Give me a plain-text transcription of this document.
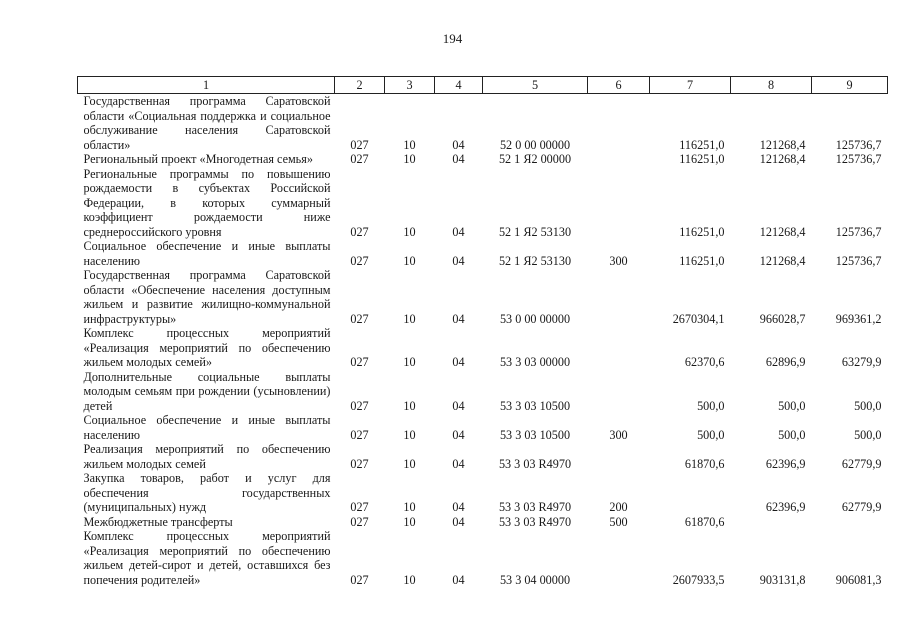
194
1	2	3	4	5	6	7	8	9
Государственная программа Саратовской области «Социальная поддержка и социальное обслуживание населения Саратовской области»	027	10	04	52 0 00 00000		116251,0	121268,4	125736,7
Региональный проект «Многодетная семья»	027	10	04	52 1 Я2 00000		116251,0	121268,4	125736,7
Региональные программы по повышению рождаемости в субъектах Российской Федерации, в которых суммарный коэффициент рождаемости ниже среднероссийского уровня	027	10	04	52 1 Я2 53130		116251,0	121268,4	125736,7
Социальное обеспечение и иные выплаты населению	027	10	04	52 1 Я2 53130	300	116251,0	121268,4	125736,7
Государственная программа Саратовской области «Обеспечение населения доступным жильем и развитие жилищно-коммунальной инфраструктуры»	027	10	04	53 0 00 00000		2670304,1	966028,7	969361,2
Комплекс процессных мероприятий «Реализация мероприятий по обеспечению жильем молодых семей»	027	10	04	53 3 03 00000		62370,6	62896,9	63279,9
Дополнительные социальные выплаты молодым семьям при рождении (усыновлении) детей	027	10	04	53 3 03 10500		500,0	500,0	500,0
Социальное обеспечение и иные выплаты населению	027	10	04	53 3 03 10500	300	500,0	500,0	500,0
Реализация мероприятий по обеспечению жильем молодых семей	027	10	04	53 3 03 R4970		61870,6	62396,9	62779,9
Закупка товаров, работ и услуг для обеспечения государственных (муниципальных) нужд	027	10	04	53 3 03 R4970	200		62396,9	62779,9
Межбюджетные трансферты	027	10	04	53 3 03 R4970	500	61870,6		
Комплекс процессных мероприятий «Реализация мероприятий по обеспечению жильем детей-сирот и детей, оставшихся без попечения родителей»	027	10	04	53 3 04 00000		2607933,5	903131,8	906081,3
